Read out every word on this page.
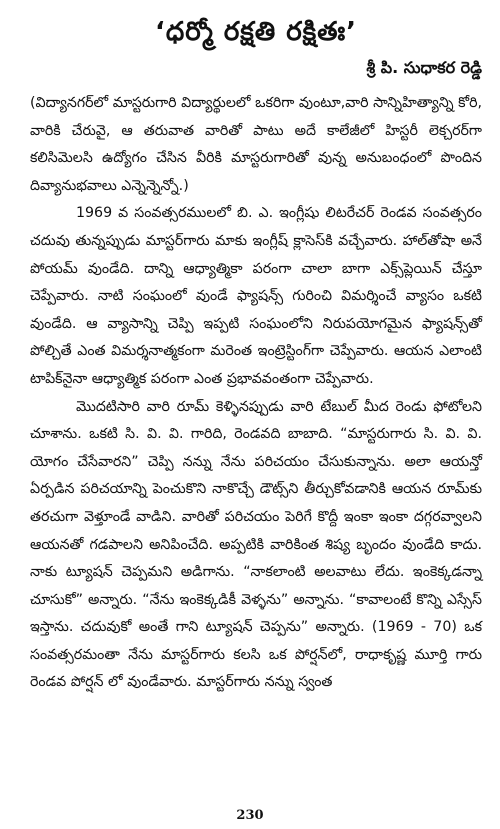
‘ధర్మో రక్షతి రక్షితః’

శ్రీ పి. సుధాకర రెడ్డి

(విద్యానగర్‌లో మాస్టరుగారి విద్యార్థులలో ఒకరిగా వుంటూ,వారి సాన్నిహిత్యాన్ని కోరి, వారికి చేరువై, ఆ తరువాత వారితో పాటు అదే కాలేజీలో హిస్టరీ లెక్చరర్‌గా కలిసిమెలసి ఉద్యోగం చేసిన వీరికి మాస్టరుగారితో వున్న అనుబంధంలో పొందిన దివ్యానుభవాలు ఎన్నెన్నెన్నో.)

1969 వ సంవత్సరములలో బి. ఎ. ఇంగ్లీషు లిటరేచర్ రెండవ సంవత్సరం చదువు తున్నప్పుడు మాస్టర్‌గారు మాకు ఇంగ్లీష్ క్లాసెస్‌కి వచ్చేవారు. హాల్‌తోషా అనే పోయమ్ వుండేది. దాన్ని ఆధ్యాత్మికా పరంగా చాలా బాగా ఎక్స్‌ప్లెయిన్ చేస్తూ చెప్పేవారు. నాటి సంఘంలో వుండే ఫ్యాషన్స్ గురించి విమర్శించే వ్యాసం ఒకటి వుండేది. ఆ వ్యాసాన్ని చెప్పి ఇప్పటి సంఘంలోని నిరుపయోగమైన ఫ్యాషన్స్‌తో పోల్చితే ఎంత విమర్శనాత్మకంగా మరెంత ఇంట్రెస్టింగ్‌గా చెప్పేవారు. ఆయన ఎలాంటి టాపిక్‌నైనా ఆధ్యాత్మిక పరంగా ఎంత ప్రభావవంతంగా చెప్పేవారు.

మొదటిసారి వారి రూమ్ కెళ్ళినప్పుడు వారి టేబుల్ మీద రెండు ఫోటోలని చూశాను. ఒకటి సి. వి. వి. గారిది, రెండవది బాబాది. “మాస్టరుగారు సి. వి. వి. యోగం చేసేవారని” చెప్పి నన్ను నేను పరిచయం చేసుకున్నాను. అలా ఆయన్తో ఏర్పడిన పరిచయాన్ని పెంచుకొని నాకొచ్చే డౌట్స్‌ని తీర్చుకోవడానికి ఆయన రూమ్‌కు తరచుగా వెళ్తూండే వాడిని. వారితో పరిచయం పెరిగే కొద్దీ ఇంకా ఇంకా దగ్గరవ్వాలని ఆయనతో గడపాలని అనిపించేది. అప్పటికి వారికింత శిష్య బృందం వుండేది కాదు. నాకు ట్యూషన్ చెప్పమని అడిగాను. “నాకలాంటి అలవాటు లేదు. ఇంకెక్కడన్నా చూసుకో” అన్నారు. “నేను ఇంకెక్కడికీ వెళ్ళను” అన్నాను. “కావాలంటే కొన్ని ఎస్సేస్ ఇస్తాను. చదువుకో అంతే గాని ట్యూషన్ చెప్పను” అన్నారు. (1969 - 70) ఒక సంవత్సరమంతా నేను మాస్టర్‌గారు కలసి ఒక పోర్షన్‌లో, రాధాకృష్ణ మూర్తి గారు రెండవ పోర్షన్ లో వుండేవారు. మాస్టర్‌గారు నన్ను స్వంత

230
